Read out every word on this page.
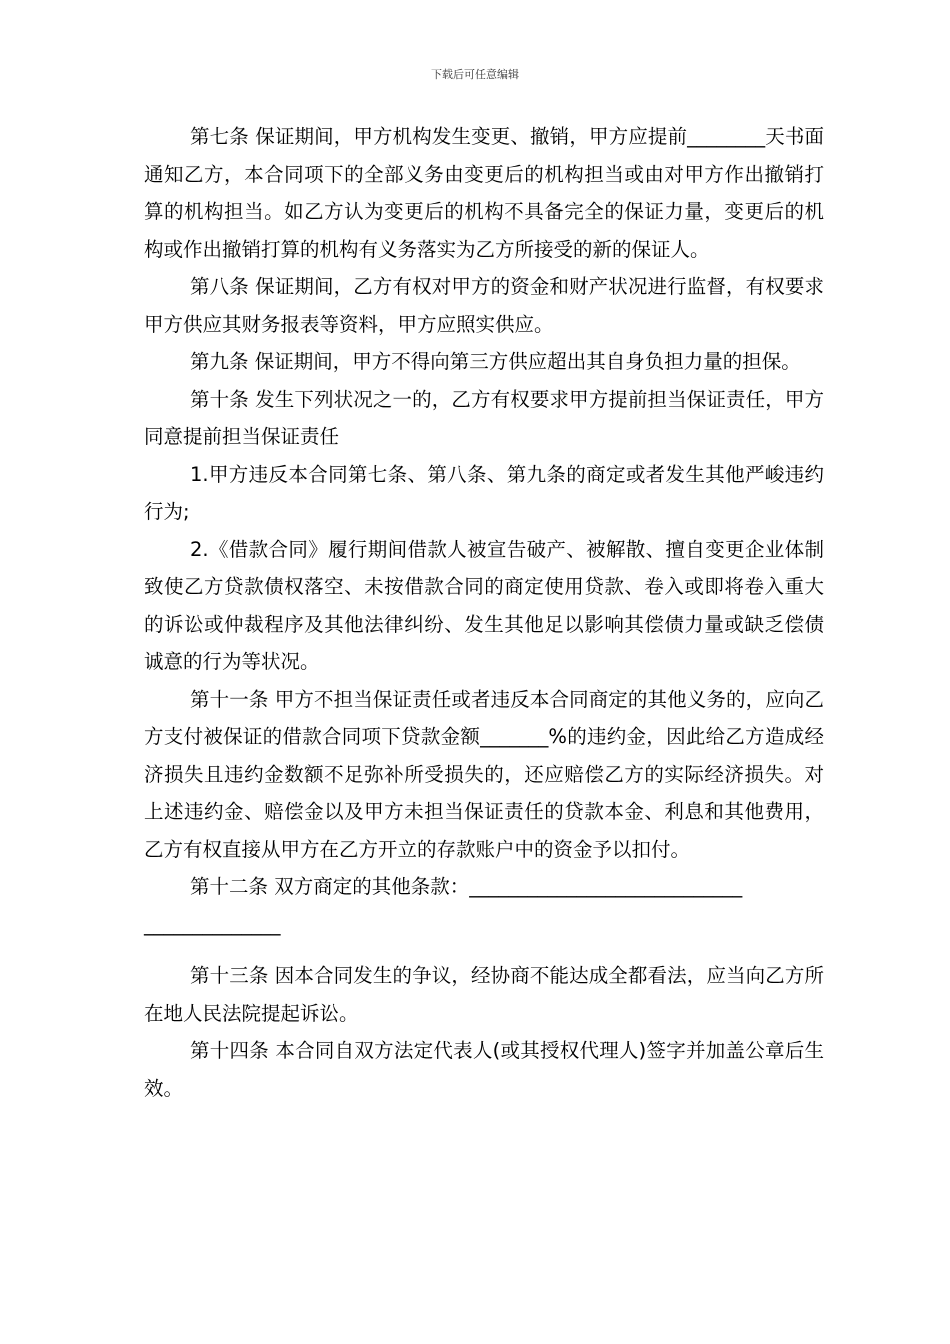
下载后可任意编辑

第七条 保证期间，甲方机构发生变更、撤销，甲方应提前________天书面通知乙方，本合同项下的全部义务由变更后的机构担当或由对甲方作出撤销打算的机构担当。如乙方认为变更后的机构不具备完全的保证力量，变更后的机构或作出撤销打算的机构有义务落实为乙方所接受的新的保证人。

第八条 保证期间，乙方有权对甲方的资金和财产状况进行监督，有权要求甲方供应其财务报表等资料，甲方应照实供应。

第九条 保证期间，甲方不得向第三方供应超出其自身负担力量的担保。

第十条 发生下列状况之一的，乙方有权要求甲方提前担当保证责任，甲方同意提前担当保证责任

1.甲方违反本合同第七条、第八条、第九条的商定或者发生其他严峻违约行为;

2.《借款合同》履行期间借款人被宣告破产、被解散、擅自变更企业体制致使乙方贷款债权落空、未按借款合同的商定使用贷款、卷入或即将卷入重大的诉讼或仲裁程序及其他法律纠纷、发生其他足以影响其偿债力量或缺乏偿债诚意的行为等状况。

第十一条 甲方不担当保证责任或者违反本合同商定的其他义务的，应向乙方支付被保证的借款合同项下贷款金额_______%的违约金，因此给乙方造成经济损失且违约金数额不足弥补所受损失的，还应赔偿乙方的实际经济损失。对上述违约金、赔偿金以及甲方未担当保证责任的贷款本金、利息和其他费用，乙方有权直接从甲方在乙方开立的存款账户中的资金予以扣付。

第十二条 双方商定的其他条款：____________________________

______________

第十三条 因本合同发生的争议，经协商不能达成全都看法，应当向乙方所在地人民法院提起诉讼。

第十四条 本合同自双方法定代表人(或其授权代理人)签字并加盖公章后生效。
